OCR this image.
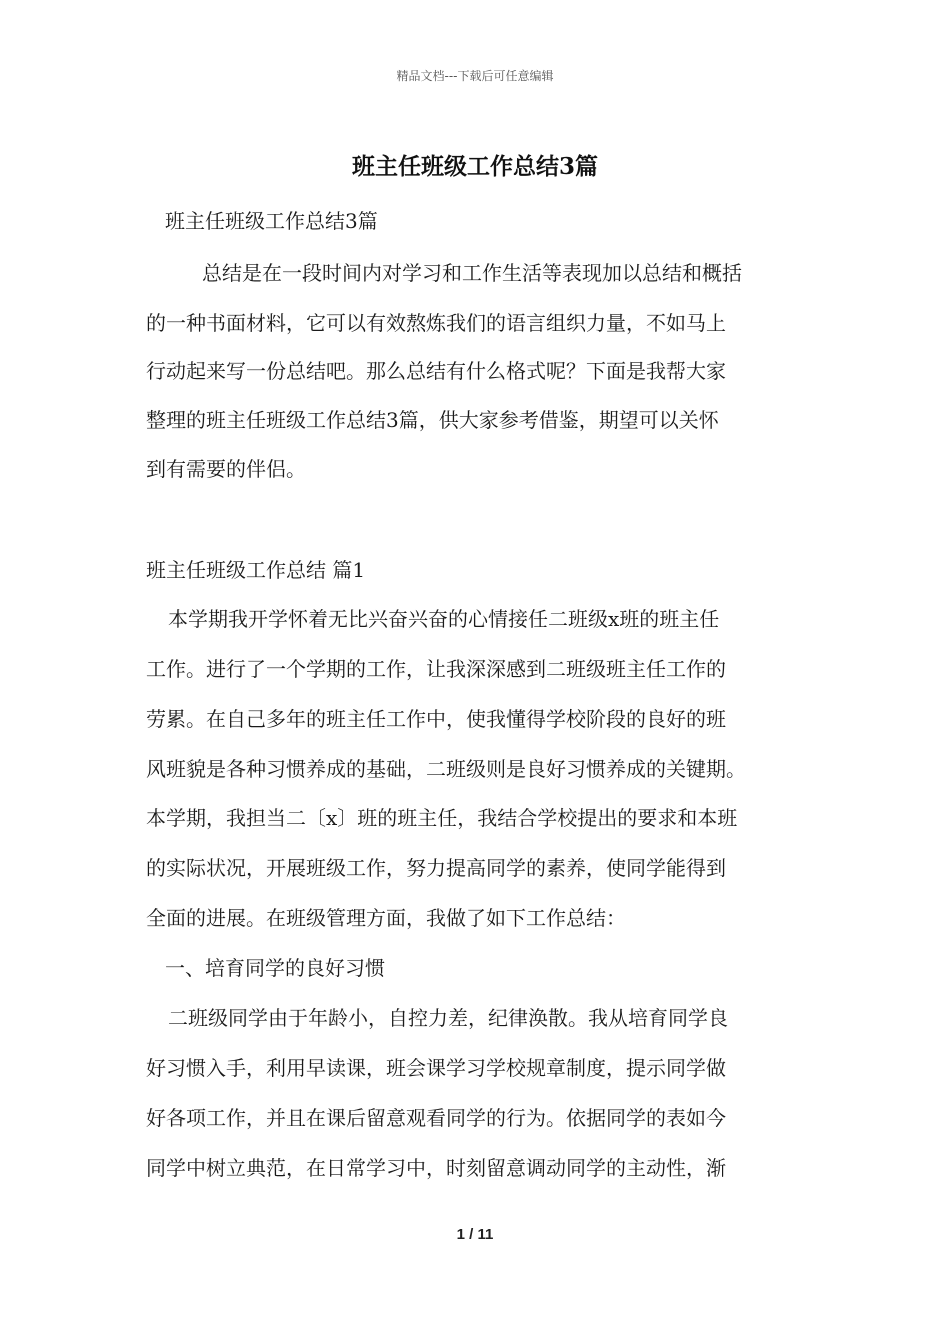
精品文档---下载后可任意编辑
班主任班级工作总结3篇
班主任班级工作总结3篇
总结是在一段时间内对学习和工作生活等表现加以总结和概括
的一种书面材料，它可以有效熬炼我们的语言组织力量，不如马上
行动起来写一份总结吧。那么总结有什么格式呢？下面是我帮大家
整理的班主任班级工作总结3篇，供大家参考借鉴，期望可以关怀
到有需要的伴侣。
班主任班级工作总结 篇1
本学期我开学怀着无比兴奋兴奋的心情接任二班级x班的班主任
工作。进行了一个学期的工作，让我深深感到二班级班主任工作的
劳累。在自己多年的班主任工作中，使我懂得学校阶段的良好的班
风班貌是各种习惯养成的基础，二班级则是良好习惯养成的关键期。
本学期，我担当二〔x〕班的班主任，我结合学校提出的要求和本班
的实际状况，开展班级工作，努力提高同学的素养，使同学能得到
全面的进展。在班级管理方面，我做了如下工作总结：
一、培育同学的良好习惯
二班级同学由于年龄小，自控力差，纪律涣散。我从培育同学良
好习惯入手，利用早读课，班会课学习学校规章制度，提示同学做
好各项工作，并且在课后留意观看同学的行为。依据同学的表如今
同学中树立典范，在日常学习中，时刻留意调动同学的主动性，渐
1 / 11
